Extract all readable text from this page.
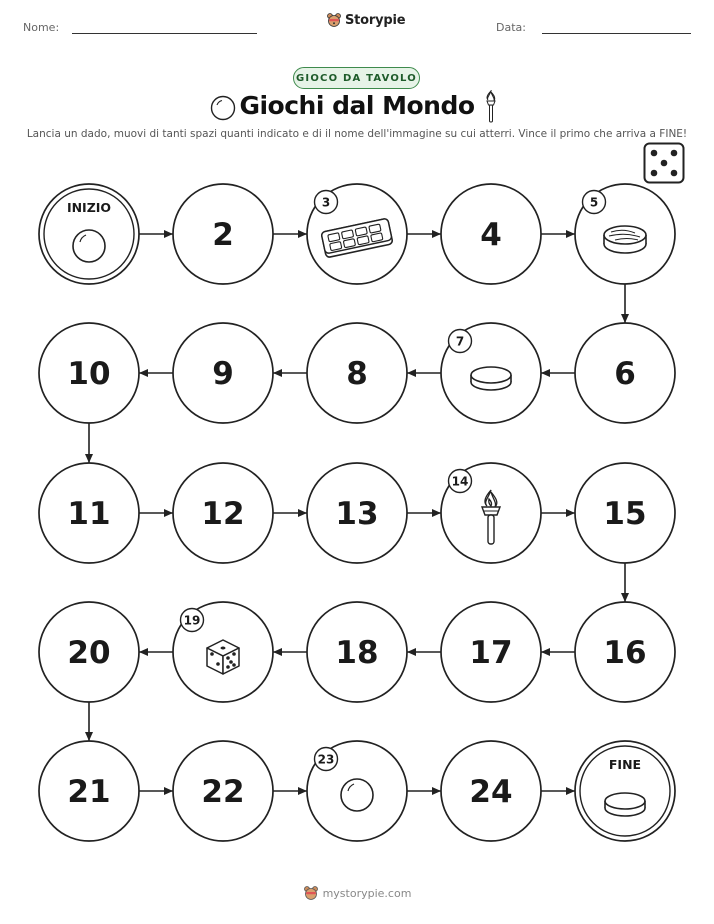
Nome:	Storypie	Data:
GIOCO DA TAVOLO
Giochi dal Mondo
Lancia un dado, muovi di tanti spazi quanti indicato e di il nome dell'immagine su cui atterri. Vince il primo che arriva a FINE!
INIZIO
2
3
4
5
6
7
8
9
10
11	12	13
14
15
16
17
18
19
20
21	22
23
24
FINE
mystorypie.com
